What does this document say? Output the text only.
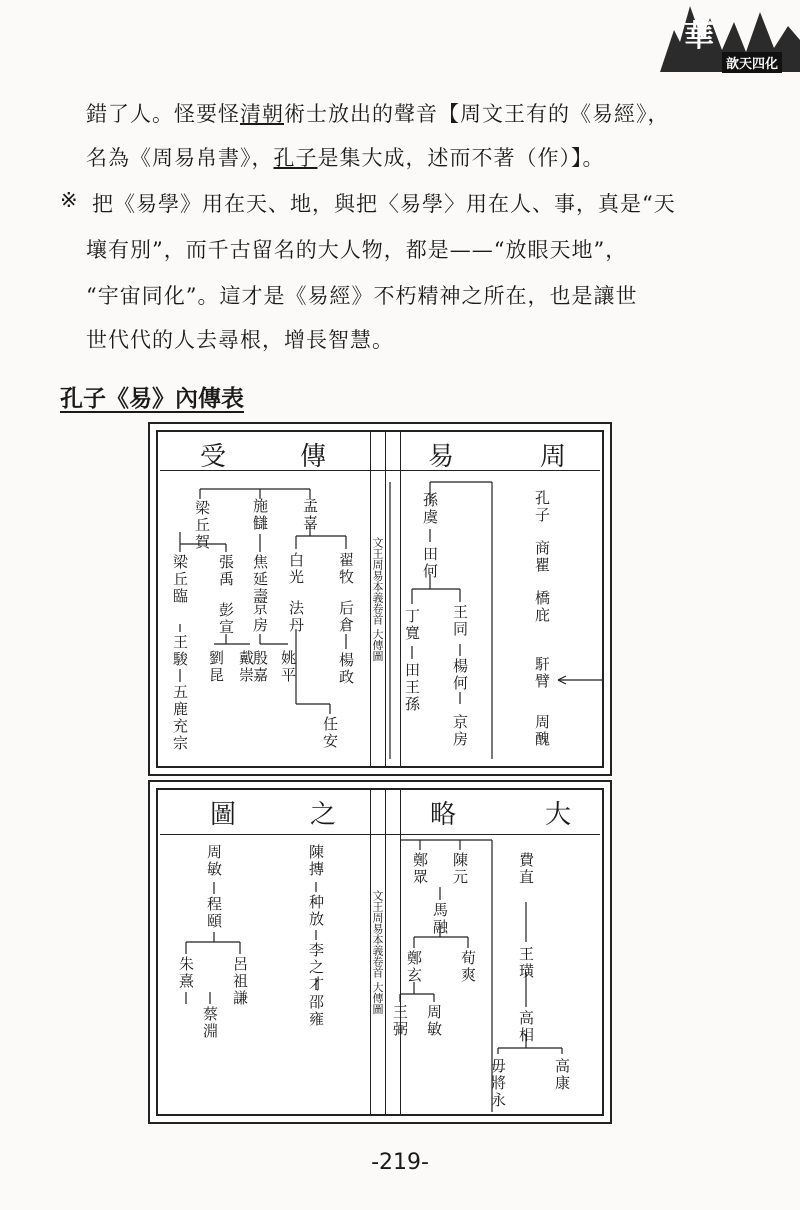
華
歆天四化
錯了人。怪要怪清朝術士放出的聲音【周文王有的《易經》，
名為《周易帛書》，孔子是集大成，述而不著（作）】。
※ 把《易學》用在天、地，與把〈易學〉用在人、事，真是“天
壤有別”，而千古留名的大人物，都是——“放眼天地”，
“宇宙同化”。這才是《易經》不朽精神之所在，也是讓世
世代代的人去尋根，增長智慧。
孔子《易》內傳表
受	傳	易	周
文王周易本義卷首 大傳圖
孔子
商瞿
橋庇
馯臂
周醜
孫虞
田何
丁寬
田王孫
王同
楊何
京房
梁丘賀	施讎 孟喜
梁丘臨
王駿
五鹿充宗
張禹
彭宣
劉昆 戴崇
焦延壽
京房
殷嘉 姚平
白光 翟牧
法丹 后倉
楊政
任安
圖	之	略	大
文王周易本義卷首 大傳圖
費直
王璜
高相
高康
毋將永
鄭眾 陳元
馬融
鄭玄 荀爽
王弼 周敏
周敏
程頤
朱熹 呂祖謙
蔡淵
陳摶
种放
李之才
邵雍
-219-
